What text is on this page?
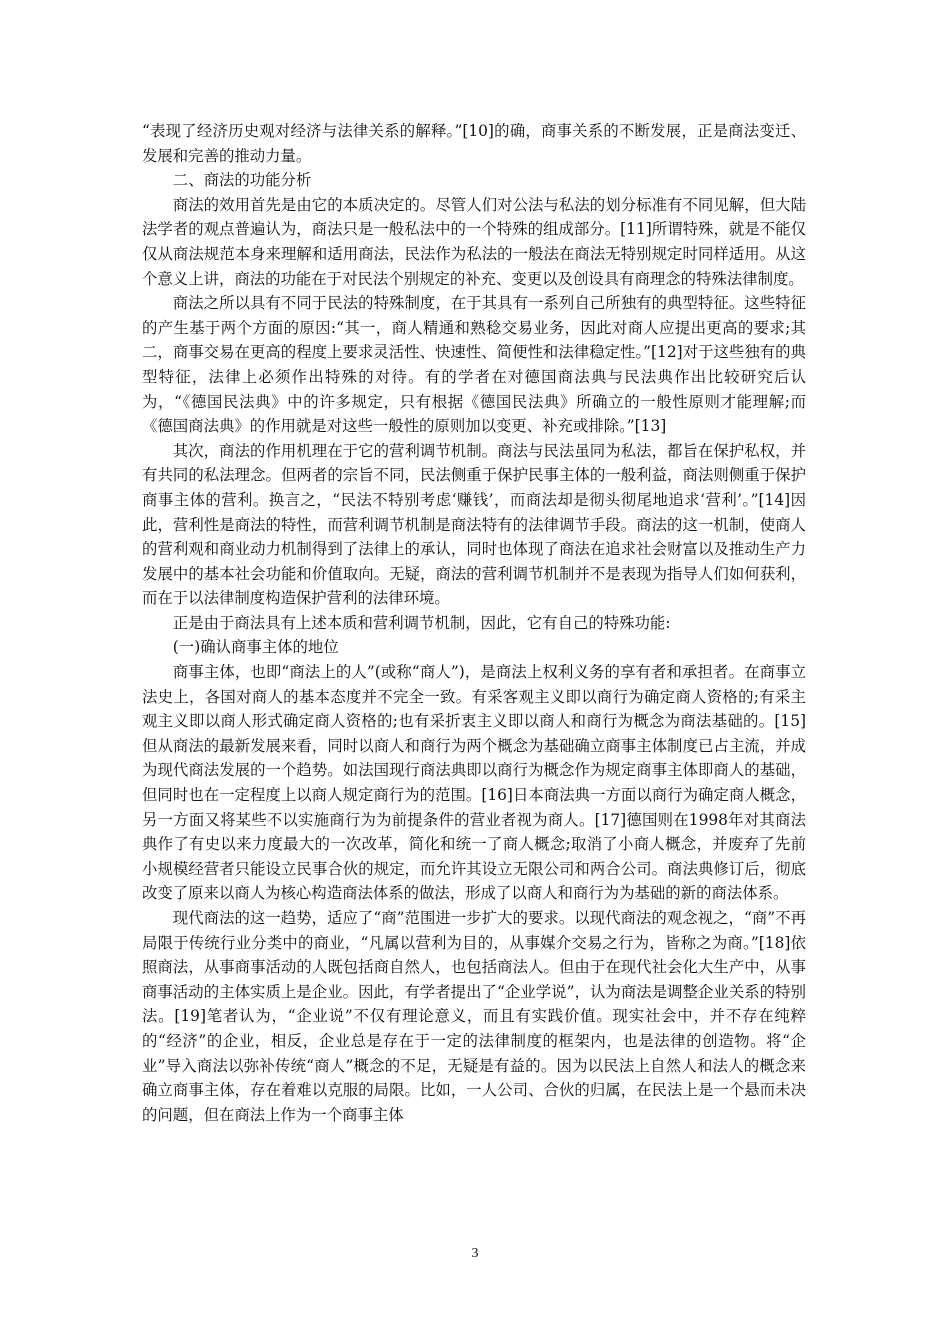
“表现了经济历史观对经济与法律关系的解释。”[10]的确，商事关系的不断发展，正是商法变迁、发展和完善的推动力量。

二、商法的功能分析

商法的效用首先是由它的本质决定的。尽管人们对公法与私法的划分标准有不同见解，但大陆法学者的观点普遍认为，商法只是一般私法中的一个特殊的组成部分。[11]所谓特殊，就是不能仅仅从商法规范本身来理解和适用商法，民法作为私法的一般法在商法无特别规定时同样适用。从这个意义上讲，商法的功能在于对民法个别规定的补充、变更以及创设具有商理念的特殊法律制度。

商法之所以具有不同于民法的特殊制度，在于其具有一系列自己所独有的典型特征。这些特征的产生基于两个方面的原因:“其一，商人精通和熟稔交易业务，因此对商人应提出更高的要求;其二，商事交易在更高的程度上要求灵活性、快速性、简便性和法律稳定性。”[12]对于这些独有的典型特征，法律上必须作出特殊的对待。有的学者在对德国商法典与民法典作出比较研究后认为，“《德国民法典》中的许多规定，只有根据《德国民法典》所确立的一般性原则才能理解;而《德国商法典》的作用就是对这些一般性的原则加以变更、补充或排除。”[13]

其次，商法的作用机理在于它的营利调节机制。商法与民法虽同为私法，都旨在保护私权，并有共同的私法理念。但两者的宗旨不同，民法侧重于保护民事主体的一般利益，商法则侧重于保护商事主体的营利。换言之，“民法不特别考虑‘赚钱’，而商法却是彻头彻尾地追求‘营利’。”[14]因此，营利性是商法的特性，而营利调节机制是商法特有的法律调节手段。商法的这一机制，使商人的营利观和商业动力机制得到了法律上的承认，同时也体现了商法在追求社会财富以及推动生产力发展中的基本社会功能和价值取向。无疑，商法的营利调节机制并不是表现为指导人们如何获利，而在于以法律制度构造保护营利的法律环境。

正是由于商法具有上述本质和营利调节机制，因此，它有自己的特殊功能:

(一)确认商事主体的地位

商事主体，也即“商法上的人”(或称“商人”)，是商法上权利义务的享有者和承担者。在商事立法史上，各国对商人的基本态度并不完全一致。有采客观主义即以商行为确定商人资格的;有采主观主义即以商人形式确定商人资格的;也有采折衷主义即以商人和商行为概念为商法基础的。[15]但从商法的最新发展来看，同时以商人和商行为两个概念为基础确立商事主体制度已占主流，并成为现代商法发展的一个趋势。如法国现行商法典即以商行为概念作为规定商事主体即商人的基础，但同时也在一定程度上以商人规定商行为的范围。[16]日本商法典一方面以商行为确定商人概念，另一方面又将某些不以实施商行为为前提条件的营业者视为商人。[17]德国则在1998年对其商法典作了有史以来力度最大的一次改革，简化和统一了商人概念;取消了小商人概念，并废弃了先前小规模经营者只能设立民事合伙的规定，而允许其设立无限公司和两合公司。商法典修订后，彻底改变了原来以商人为核心构造商法体系的做法，形成了以商人和商行为为基础的新的商法体系。

现代商法的这一趋势，适应了“商”范围进一步扩大的要求。以现代商法的观念视之，“商”不再局限于传统行业分类中的商业，“凡属以营利为目的，从事媒介交易之行为，皆称之为商。”[18]依照商法，从事商事活动的人既包括商自然人，也包括商法人。但由于在现代社会化大生产中，从事商事活动的主体实质上是企业。因此，有学者提出了“企业学说”，认为商法是调整企业关系的特别法。[19]笔者认为，“企业说”不仅有理论意义，而且有实践价值。现实社会中，并不存在纯粹的“经济”的企业，相反，企业总是存在于一定的法律制度的框架内，也是法律的创造物。将“企业”导入商法以弥补传统“商人”概念的不足，无疑是有益的。因为以民法上自然人和法人的概念来确立商事主体，存在着难以克服的局限。比如，一人公司、合伙的归属，在民法上是一个悬而未决的问题，但在商法上作为一个商事主体

3
